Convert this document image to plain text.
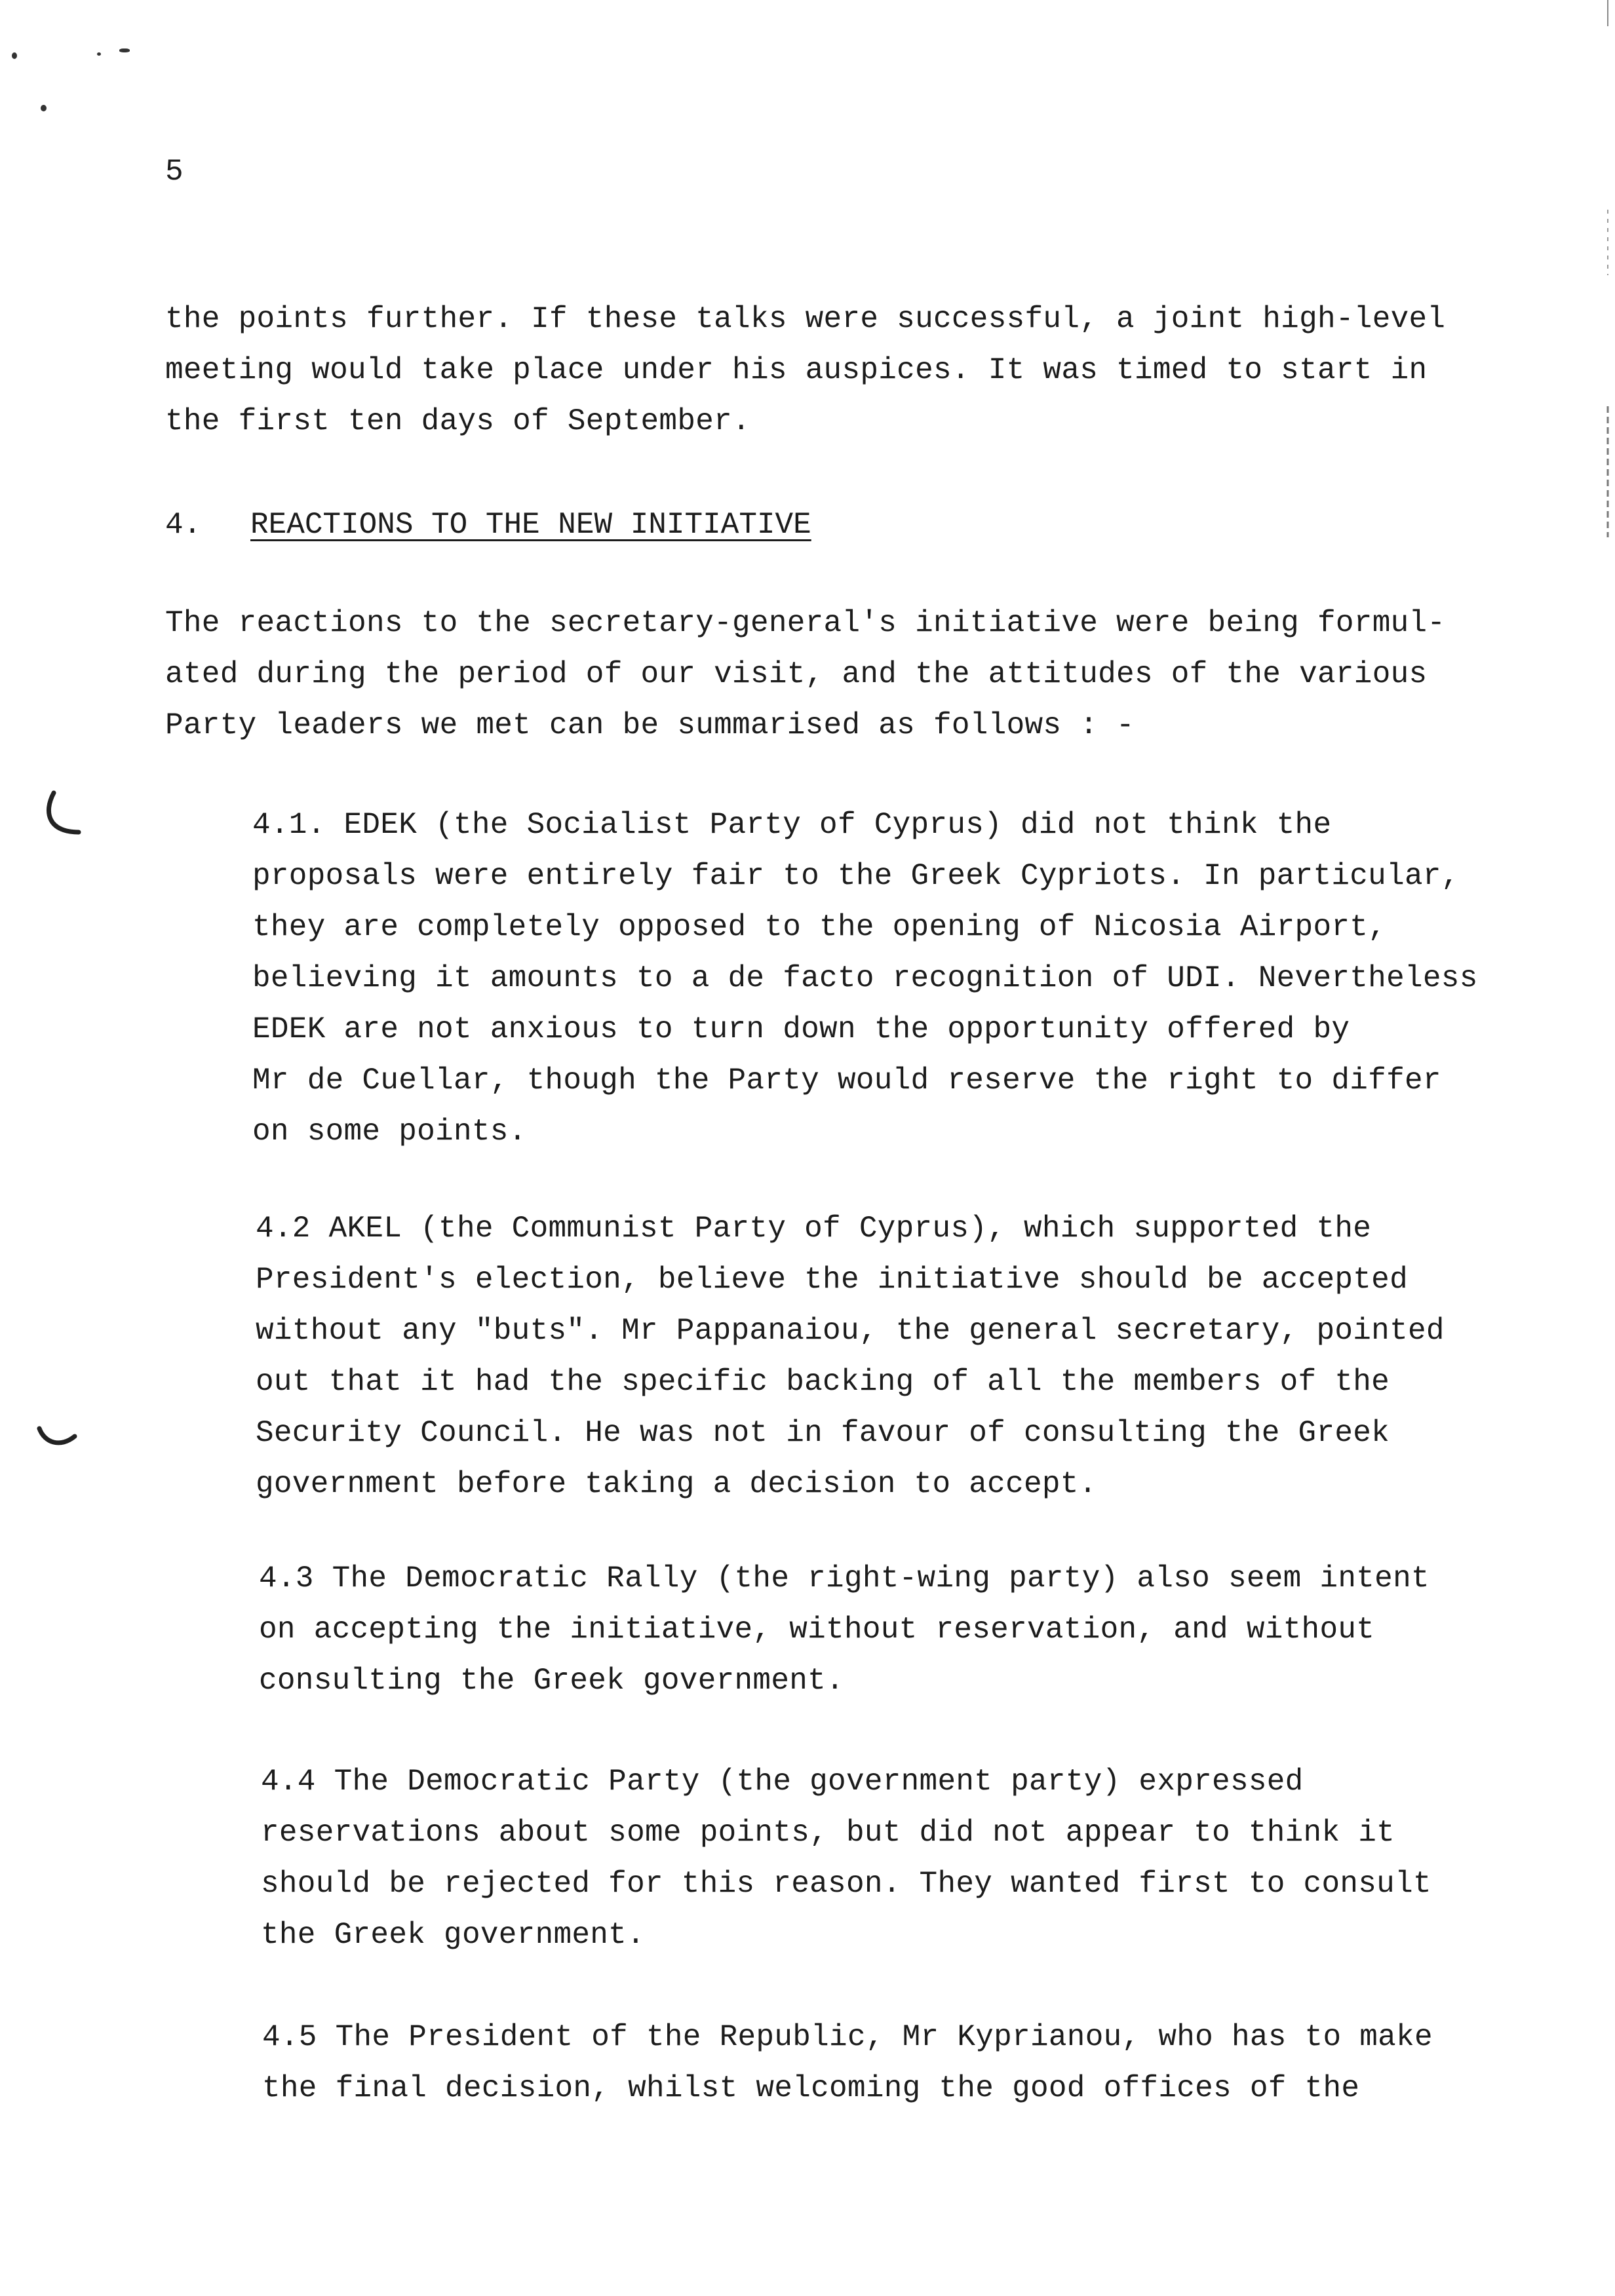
5
the points further. If these talks were successful, a joint high-level
meeting would take place under his auspices. It was timed to start in
the first ten days of September.
4. REACTIONS TO THE NEW INITIATIVE
The reactions to the secretary-general's initiative were being formul-
ated during the period of our visit, and the attitudes of the various
Party leaders we met can be summarised as follows : -
4.1. EDEK (the Socialist Party of Cyprus) did not think the
proposals were entirely fair to the Greek Cypriots. In particular,
they are completely opposed to the opening of Nicosia Airport,
believing it amounts to a de facto recognition of UDI. Nevertheless
EDEK are not anxious to turn down the opportunity offered by
Mr de Cuellar, though the Party would reserve the right to differ
on some points.
4.2 AKEL (the Communist Party of Cyprus), which supported the
President's election, believe the initiative should be accepted
without any "buts". Mr Pappanaiou, the general secretary, pointed
out that it had the specific backing of all the members of the
Security Council. He was not in favour of consulting the Greek
government before taking a decision to accept.
4.3 The Democratic Rally (the right-wing party) also seem intent
on accepting the initiative, without reservation, and without
consulting the Greek government.
4.4 The Democratic Party (the government party) expressed
reservations about some points, but did not appear to think it
should be rejected for this reason. They wanted first to consult
the Greek government.
4.5 The President of the Republic, Mr Kyprianou, who has to make
the final decision, whilst welcoming the good offices of the
